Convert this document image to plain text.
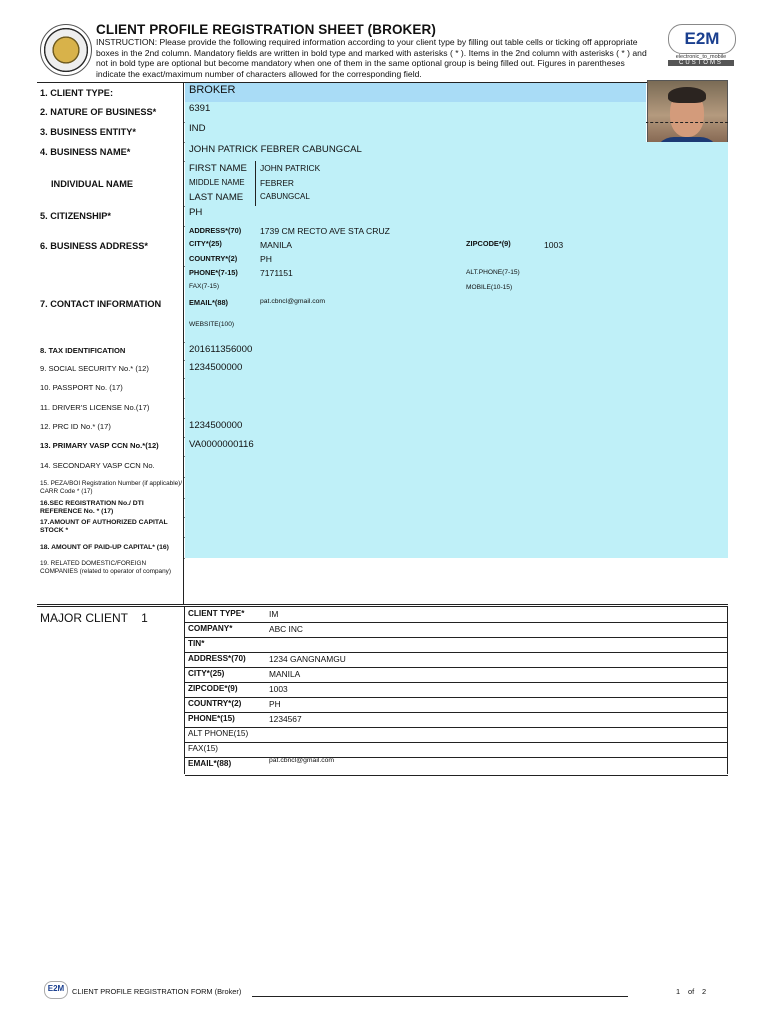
CLIENT PROFILE REGISTRATION SHEET (BROKER)
INSTRUCTION: Please provide the following required information according to your client type by filling out table cells or ticking off appropriate boxes in the 2nd column. Mandatory fields are written in bold type and marked with asterisks ( * ). Items in the 2nd column with asterisks ( * ) and not in bold type are optional but become mandatory when one of them in the same optional group is being filled out. Figures in parentheses indicate the exact/maximum number of characters allowed for the corresponding field.
E2M
electronic_to_mobile
CUSTOMS
1. CLIENT TYPE:	BROKER
2. NATURE OF BUSINESS*	6391
3. BUSINESS ENTITY*	IND
4. BUSINESS NAME*	JOHN PATRICK FEBRER CABUNGCAL
INDIVIDUAL NAME
FIRST NAME JOHN PATRICK
MIDDLE NAME FEBRER
LAST NAME CABUNGCAL
5. CITIZENSHIP*	PH
6. BUSINESS ADDRESS*
ADDRESS*(70) 1739 CM RECTO AVE STA CRUZ
CITY*(25)	MANILA	ZIPCODE*(9)	1003
COUNTRY*(2)	PH
7. CONTACT INFORMATION
PHONE*(7-15)	7171151	ALT.PHONE(7-15)
FAX(7-15)	MOBILE(10-15)
EMAIL*(88)	pat.cbncl@gmail.com
WEBSITE(100)
8. TAX IDENTIFICATION	201611356000
9. SOCIAL SECURITY No.* (12)	1234500000
10. PASSPORT No. (17)
11. DRIVER'S LICENSE No.(17)
12. PRC ID No.* (17)	1234500000
13. PRIMARY VASP CCN No.*(12)	VA0000000116
14. SECONDARY VASP CCN No.
15. PEZA/BOI Registration Number (if applicable)/ CARR Code * (17)
16.SEC REGISTRATION No./ DTI REFERENCE No. * (17)
17.AMOUNT OF AUTHORIZED CAPITAL STOCK *
18. AMOUNT OF PAID-UP CAPITAL* (16)
19. RELATED DOMESTIC/FOREIGN COMPANIES (related to operator of company)
MAJOR CLIENT 1	CLIENT TYPE*	IM
COMPANY*	ABC INC
TIN*
ADDRESS*(70)	1234 GANGNAMGU
CITY*(25)	MANILA
ZIPCODE*(9)	1003
COUNTRY*(2)	PH
PHONE*(15)	1234567
ALT PHONE(15)
FAX(15)
EMAIL*(88)	pat.cbncl@gmail.com
E2M	CLIENT PROFILE REGISTRATION FORM (Broker)	1 of 2
